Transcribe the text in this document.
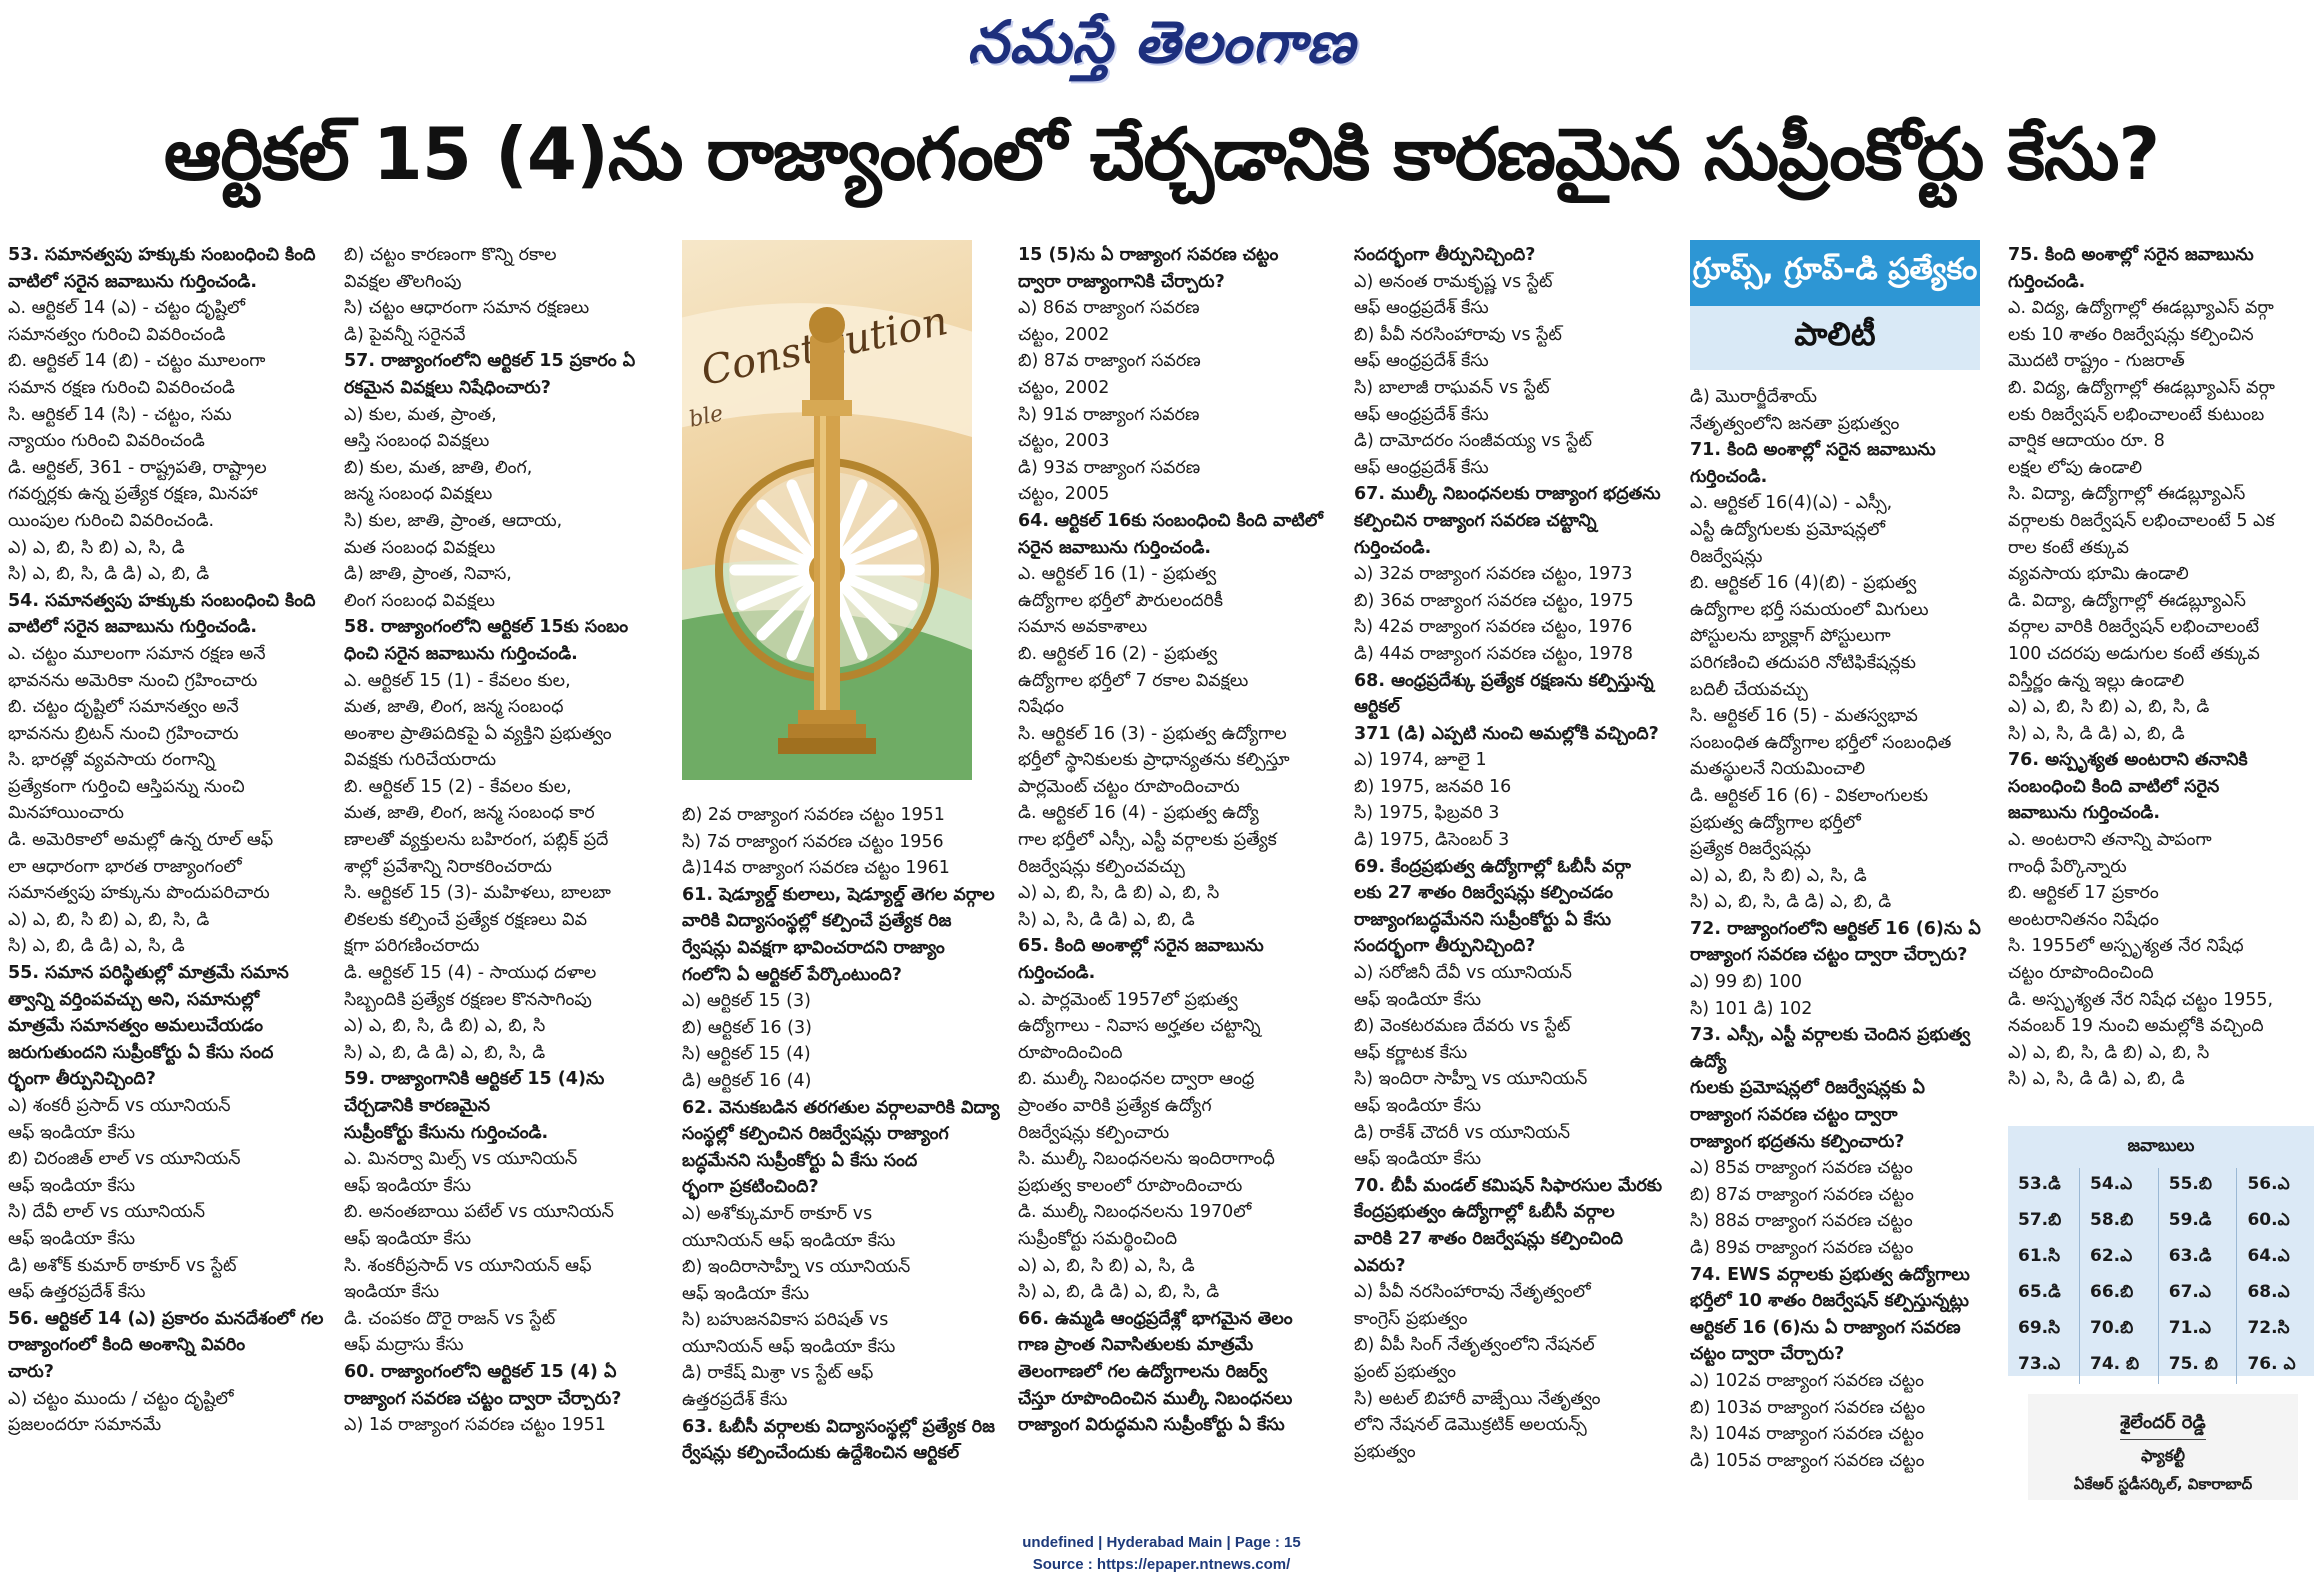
నమస్తే తెలంగాణ
ఆర్టికల్ 15 (4)ను రాజ్యాంగంలో చేర్చడానికి కారణమైన సుప్రీంకోర్టు కేసు?

53. సమానత్వపు హక్కుకు సంబంధించి కింది

వాటిలో సరైన జవాబును గుర్తించండి.

ఎ. ఆర్టికల్ 14 (ఎ) - చట్టం దృష్టిలో

సమానత్వం గురించి వివరించండి

బి. ఆర్టికల్ 14 (బి) - చట్టం మూలంగా

సమాన రక్షణ గురించి వివరించండి

సి. ఆర్టికల్ 14 (సి) - చట్టం, సమ

న్యాయం గురించి వివరించండి

డి. ఆర్టికల్, 361 - రాష్ట్రపతి, రాష్ట్రాల

గవర్నర్లకు ఉన్న ప్రత్యేక రక్షణ, మినహా

యింపుల గురించి వివరించండి.

ఎ) ఎ, బి, సి బి) ఎ, సి, డి

సి) ఎ, బి, సి, డి డి) ఎ, బి, డి

54. సమానత్వపు హక్కుకు సంబంధించి కింది

వాటిలో సరైన జవాబును గుర్తించండి.

ఎ. చట్టం మూలంగా సమాన రక్షణ అనే

భావనను అమెరికా నుంచి గ్రహించారు

బి. చట్టం దృష్టిలో సమానత్వం అనే

భావనను బ్రిటన్ నుంచి గ్రహించారు

సి. భారత్లో వ్యవసాయ రంగాన్ని

ప్రత్యేకంగా గుర్తించి ఆస్తిపన్ను నుంచి

మినహాయించారు

డి. అమెరికాలో అమల్లో ఉన్న రూల్ ఆఫ్

లా ఆధారంగా భారత రాజ్యాంగంలో

సమానత్వపు హక్కును పొందుపరిచారు

ఎ) ఎ, బి, సి బి) ఎ, బి, సి, డి

సి) ఎ, బి, డి డి) ఎ, సి, డి

55. సమాన పరిస్థితుల్లో మాత్రమే సమాన

త్వాన్ని వర్తింపవచ్చు అని, సమానుల్లో

మాత్రమే సమానత్వం అమలుచేయడం

జరుగుతుందని సుప్రీంకోర్టు ఏ కేసు సంద

ర్భంగా తీర్పునిచ్చింది?

ఎ) శంకరీ ప్రసాద్ vs యూనియన్

ఆఫ్ ఇండియా కేసు

బి) చిరంజిత్ లాల్ vs యూనియన్

ఆఫ్ ఇండియా కేసు

సి) దేవీ లాల్ vs యూనియన్

ఆఫ్ ఇండియా కేసు

డి) అశోక్ కుమార్ ఠాకూర్ vs స్టేట్

ఆఫ్ ఉత్తరప్రదేశ్ కేసు

56. ఆర్టికల్ 14 (ఎ) ప్రకారం మనదేశంలో గల

రాజ్యాంగంలో కింది అంశాన్ని వివరిం

చారు?

ఎ) చట్టం ముందు / చట్టం దృష్టిలో

ప్రజలందరూ సమానమే

బి) చట్టం కారణంగా కొన్ని రకాల

వివక్షల తొలగింపు

సి) చట్టం ఆధారంగా సమాన రక్షణలు

డి) పైవన్నీ సరైనవే

57. రాజ్యాంగంలోని ఆర్టికల్ 15 ప్రకారం ఏ

రకమైన వివక్షలు నిషేధించారు?

ఎ) కుల, మత, ప్రాంత,

ఆస్తి సంబంధ వివక్షలు

బి) కుల, మత, జాతి, లింగ,

జన్మ సంబంధ వివక్షలు

సి) కుల, జాతి, ప్రాంత, ఆదాయ,

మత సంబంధ వివక్షలు

డి) జాతి, ప్రాంత, నివాస,

లింగ సంబంధ వివక్షలు

58. రాజ్యాంగంలోని ఆర్టికల్ 15కు సంబం

ధించి సరైన జవాబును గుర్తించండి.

ఎ. ఆర్టికల్ 15 (1) - కేవలం కుల,

మత, జాతి, లింగ, జన్మ సంబంధ

అంశాల ప్రాతిపదికపై ఏ వ్యక్తిని ప్రభుత్వం

వివక్షకు గురిచేయరాదు

బి. ఆర్టికల్ 15 (2) - కేవలం కుల,

మత, జాతి, లింగ, జన్మ సంబంధ కార

ణాలతో వ్యక్తులను బహిరంగ, పబ్లిక్ ప్రదే

శాల్లో ప్రవేశాన్ని నిరాకరించరాదు

సి. ఆర్టికల్ 15 (3)- మహిళలు, బాలబా

లికలకు కల్పించే ప్రత్యేక రక్షణలు వివ

క్షగా పరిగణించరాదు

డి. ఆర్టికల్ 15 (4) - సాయుధ దళాల

సిబ్బందికి ప్రత్యేక రక్షణల కొనసాగింపు

ఎ) ఎ, బి, సి, డి బి) ఎ, బి, సి

సి) ఎ, బి, డి డి) ఎ, బి, సి, డి

59. రాజ్యాంగానికి ఆర్టికల్ 15 (4)ను

చేర్చడానికి కారణమైన

సుప్రీంకోర్టు కేసును గుర్తించండి.

ఎ. మినర్వా మిల్స్ vs యూనియన్

ఆఫ్ ఇండియా కేసు

బి. అనంతబాయి పటేల్ vs యూనియన్

ఆఫ్ ఇండియా కేసు

సి. శంకరీప్రసాద్ vs యూనియన్ ఆఫ్

ఇండియా కేసు

డి. చంపకం దొరై రాజన్ vs స్టేట్

ఆఫ్ మద్రాసు కేసు

60. రాజ్యాంగంలోని ఆర్టికల్ 15 (4) ఏ

రాజ్యాంగ సవరణ చట్టం ద్వారా చేర్చారు?

ఎ) 1వ రాజ్యాంగ సవరణ చట్టం 1951

బి) 2వ రాజ్యాంగ సవరణ చట్టం 1951

సి) 7వ రాజ్యాంగ సవరణ చట్టం 1956

డి)14వ రాజ్యాంగ సవరణ చట్టం 1961

61. షెడ్యూల్డ్ కులాలు, షెడ్యూల్డ్ తెగల వర్గాల

వారికి విద్యాసంస్థల్లో కల్పించే ప్రత్యేక రిజ

ర్వేషన్లు వివక్షగా భావించరాదని రాజ్యాం

గంలోని ఏ ఆర్టికల్ పేర్కొంటుంది?

ఎ) ఆర్టికల్ 15 (3)

బి) ఆర్టికల్ 16 (3)

సి) ఆర్టికల్ 15 (4)

డి) ఆర్టికల్ 16 (4)

62. వెనుకబడిన తరగతుల వర్గాలవారికి విద్యా

సంస్థల్లో కల్పించిన రిజర్వేషన్లు రాజ్యాంగ

బద్ధమేనని సుప్రీంకోర్టు ఏ కేసు సంద

ర్భంగా ప్రకటించింది?

ఎ) అశోక్కుమార్ ఠాకూర్ vs

యూనియన్ ఆఫ్ ఇండియా కేసు

బి) ఇందిరాసాహ్నీ vs యూనియన్

ఆఫ్ ఇండియా కేసు

సి) బహుజనవికాస పరిషత్ vs

యూనియన్ ఆఫ్ ఇండియా కేసు

డి) రాకేష్ మిశ్రా vs స్టేట్ ఆఫ్

ఉత్తరప్రదేశ్ కేసు

63. ఓబీసీ వర్గాలకు విద్యాసంస్థల్లో ప్రత్యేక రిజ

ర్వేషన్లు కల్పించేందుకు ఉద్దేశించిన ఆర్టికల్

15 (5)ను ఏ రాజ్యాంగ సవరణ చట్టం

ద్వారా రాజ్యాంగానికి చేర్చారు?

ఎ) 86వ రాజ్యాంగ సవరణ

చట్టం, 2002

బి) 87వ రాజ్యాంగ సవరణ

చట్టం, 2002

సి) 91వ రాజ్యాంగ సవరణ

చట్టం, 2003

డి) 93వ రాజ్యాంగ సవరణ

చట్టం, 2005

64. ఆర్టికల్ 16కు సంబంధించి కింది వాటిలో

సరైన జవాబును గుర్తించండి.

ఎ. ఆర్టికల్ 16 (1) - ప్రభుత్వ

ఉద్యోగాల భర్తీలో పౌరులందరికీ

సమాన అవకాశాలు

బి. ఆర్టికల్ 16 (2) - ప్రభుత్వ

ఉద్యోగాల భర్తీలో 7 రకాల వివక్షలు

నిషేధం

సి. ఆర్టికల్ 16 (3) - ప్రభుత్వ ఉద్యోగాల

భర్తీలో స్థానికులకు ప్రాధాన్యతను కల్పిస్తూ

పార్లమెంట్ చట్టం రూపొందించారు

డి. ఆర్టికల్ 16 (4) - ప్రభుత్వ ఉద్యో

గాల భర్తీలో ఎస్సీ, ఎస్టీ వర్గాలకు ప్రత్యేక

రిజర్వేషన్లు కల్పించవచ్చు

ఎ) ఎ, బి, సి, డి బి) ఎ, బి, సి

సి) ఎ, సి, డి డి) ఎ, బి, డి

65. కింది అంశాల్లో సరైన జవాబును

గుర్తించండి.

ఎ. పార్లమెంట్ 1957లో ప్రభుత్వ

ఉద్యోగాలు - నివాస అర్హతల చట్టాన్ని

రూపొందించింది

బి. ముల్కీ నిబంధనల ద్వారా ఆంధ్ర

ప్రాంతం వారికి ప్రత్యేక ఉద్యోగ

రిజర్వేషన్లు కల్పించారు

సి. ముల్కీ నిబంధనలను ఇందిరాగాంధీ

ప్రభుత్వ కాలంలో రూపొందించారు

డి. ముల్కీ నిబంధనలను 1970లో

సుప్రీంకోర్టు సమర్థించింది

ఎ) ఎ, బి, సి బి) ఎ, సి, డి

సి) ఎ, బి, డి డి) ఎ, బి, సి, డి

66. ఉమ్మడి ఆంధ్రప్రదేశ్లో భాగమైన తెలం

గాణ ప్రాంత నివాసితులకు మాత్రమే

తెలంగాణలో గల ఉద్యోగాలను రిజర్వ్

చేస్తూ రూపొందించిన ముల్కీ నిబంధనలు

రాజ్యాంగ విరుద్ధమని సుప్రీంకోర్టు ఏ కేసు

సందర్భంగా తీర్పునిచ్చింది?

ఎ) అనంత రామకృష్ణ vs స్టేట్

ఆఫ్ ఆంధ్రప్రదేశ్ కేసు

బి) పీవీ నరసింహారావు vs స్టేట్

ఆఫ్ ఆంధ్రప్రదేశ్ కేసు

సి) బాలాజీ రాఘవన్ vs స్టేట్

ఆఫ్ ఆంధ్రప్రదేశ్ కేసు

డి) దామోదరం సంజీవయ్య vs స్టేట్

ఆఫ్ ఆంధ్రప్రదేశ్ కేసు

67. ముల్కీ నిబంధనలకు రాజ్యాంగ భద్రతను

కల్పించిన రాజ్యాంగ సవరణ చట్టాన్ని

గుర్తించండి.

ఎ) 32వ రాజ్యాంగ సవరణ చట్టం, 1973

బి) 36వ రాజ్యాంగ సవరణ చట్టం, 1975

సి) 42వ రాజ్యాంగ సవరణ చట్టం, 1976

డి) 44వ రాజ్యాంగ సవరణ చట్టం, 1978

68. ఆంధ్రప్రదేశ్కు ప్రత్యేక రక్షణను కల్పిస్తున్న ఆర్టికల్

371 (డి) ఎప్పటి నుంచి అమల్లోకి వచ్చింది?

ఎ) 1974, జూలై 1

బి) 1975, జనవరి 16

సి) 1975, ఫిబ్రవరి 3

డి) 1975, డిసెంబర్ 3

69. కేంద్రప్రభుత్వ ఉద్యోగాల్లో ఓబీసీ వర్గా

లకు 27 శాతం రిజర్వేషన్లు కల్పించడం

రాజ్యాంగబద్ధమేనని సుప్రీంకోర్టు ఏ కేసు

సందర్భంగా తీర్పునిచ్చింది?

ఎ) సరోజినీ దేవీ vs యూనియన్

ఆఫ్ ఇండియా కేసు

బి) వెంకటరమణ దేవరు vs స్టేట్

ఆఫ్ కర్ణాటక కేసు

సి) ఇందిరా సాహ్నీ vs యూనియన్

ఆఫ్ ఇండియా కేసు

డి) రాకేశ్ చౌదరీ vs యూనియన్

ఆఫ్ ఇండియా కేసు

70. బీపీ మండల్ కమిషన్ సిఫారసుల మేరకు

కేంద్రప్రభుత్వం ఉద్యోగాల్లో ఓబీసీ వర్గాల

వారికి 27 శాతం రిజర్వేషన్లు కల్పించింది

ఎవరు?

ఎ) పీవీ నరసింహారావు నేతృత్వంలో

కాంగ్రెస్ ప్రభుత్వం

బి) వీపీ సింగ్ నేతృత్వంలోని నేషనల్

ఫ్రంట్ ప్రభుత్వం

సి) అటల్ బిహారీ వాజ్పేయి నేతృత్వం

లోని నేషనల్ డెమొక్రటిక్ అలయన్స్

ప్రభుత్వం

డి) మొరార్జీదేశాయ్

నేతృత్వంలోని జనతా ప్రభుత్వం

71. కింది అంశాల్లో సరైన జవాబును

గుర్తించండి.

ఎ. ఆర్టికల్ 16(4)(ఎ) - ఎస్సీ,

ఎస్టీ ఉద్యోగులకు ప్రమోషన్లలో

రిజర్వేషన్లు

బి. ఆర్టికల్ 16 (4)(బి) - ప్రభుత్వ

ఉద్యోగాల భర్తీ సమయంలో మిగులు

పోస్టులను బ్యాక్లాగ్ పోస్టులుగా

పరిగణించి తదుపరి నోటిఫికేషన్లకు

బదిలీ చేయవచ్చు

సి. ఆర్టికల్ 16 (5) - మతస్వభావ

సంబంధిత ఉద్యోగాల భర్తీలో సంబంధిత

మతస్థులనే నియమించాలి

డి. ఆర్టికల్ 16 (6) - వికలాంగులకు

ప్రభుత్వ ఉద్యోగాల భర్తీలో

ప్రత్యేక రిజర్వేషన్లు

ఎ) ఎ, బి, సి బి) ఎ, సి, డి

సి) ఎ, బి, సి, డి డి) ఎ, బి, డి

72. రాజ్యాంగంలోని ఆర్టికల్ 16 (6)ను ఏ

రాజ్యాంగ సవరణ చట్టం ద్వారా చేర్చారు?

ఎ) 99 బి) 100

సి) 101 డి) 102

73. ఎస్సీ, ఎస్టీ వర్గాలకు చెందిన ప్రభుత్వ ఉద్యో

గులకు ప్రమోషన్లలో రిజర్వేషన్లకు ఏ

రాజ్యాంగ సవరణ చట్టం ద్వారా

రాజ్యాంగ భద్రతను కల్పించారు?

ఎ) 85వ రాజ్యాంగ సవరణ చట్టం

బి) 87వ రాజ్యాంగ సవరణ చట్టం

సి) 88వ రాజ్యాంగ సవరణ చట్టం

డి) 89వ రాజ్యాంగ సవరణ చట్టం

74. EWS వర్గాలకు ప్రభుత్వ ఉద్యోగాలు

భర్తీలో 10 శాతం రిజర్వేషన్ కల్పిస్తున్నట్లు

ఆర్టికల్ 16 (6)ను ఏ రాజ్యాంగ సవరణ

చట్టం ద్వారా చేర్చారు?

ఎ) 102వ రాజ్యాంగ సవరణ చట్టం

బి) 103వ రాజ్యాంగ సవరణ చట్టం

సి) 104వ రాజ్యాంగ సవరణ చట్టం

డి) 105వ రాజ్యాంగ సవరణ చట్టం

75. కింది అంశాల్లో సరైన జవాబును గుర్తించండి.

ఎ. విద్య, ఉద్యోగాల్లో ఈడబ్ల్యూఎస్ వర్గా

లకు 10 శాతం రిజర్వేషన్లు కల్పించిన

మొదటి రాష్ట్రం - గుజరాత్

బి. విద్య, ఉద్యోగాల్లో ఈడబ్ల్యూఎస్ వర్గా

లకు రిజర్వేషన్ లభించాలంటే కుటుంబ

వార్షిక ఆదాయం రూ. 8

లక్షల లోపు ఉండాలి

సి. విద్యా, ఉద్యోగాల్లో ఈడబ్ల్యూఎస్

వర్గాలకు రిజర్వేషన్ లభించాలంటే 5 ఎక

రాల కంటే తక్కువ

వ్యవసాయ భూమి ఉండాలి

డి. విద్యా, ఉద్యోగాల్లో ఈడబ్ల్యూఎస్

వర్గాల వారికి రిజర్వేషన్ లభించాలంటే

100 చదరపు అడుగుల కంటే తక్కువ

విస్తీర్ణం ఉన్న ఇల్లు ఉండాలి

ఎ) ఎ, బి, సి బి) ఎ, బి, సి, డి

సి) ఎ, సి, డి డి) ఎ, బి, డి

76. అస్పృశ్యత అంటరాని తనానికి

సంబంధించి కింది వాటిలో సరైన

జవాబును గుర్తించండి.

ఎ. అంటరాని తనాన్ని పాపంగా

గాంధీ పేర్కొన్నారు

బి. ఆర్టికల్ 17 ప్రకారం

అంటరానితనం నిషేధం

సి. 1955లో అస్పృశ్యత నేర నిషేధ

చట్టం రూపొందించింది

డి. అస్పృశ్యత నేర నిషేధ చట్టం 1955,

నవంబర్ 19 నుంచి అమల్లోకి వచ్చింది

ఎ) ఎ, బి, సి, డి బి) ఎ, బి, సి

సి) ఎ, సి, డి డి) ఎ, బి, డి

ble
గ్రూప్స్, గ్రూప్-డి ప్రత్యేకం
పాలిటీ
జవాబులు
53.డి	54.ఎ	55.బి	56.ఎ
57.బి	58.బి	59.డి	60.ఎ
61.సి	62.ఎ	63.డి	64.ఎ
65.డి	66.బి	67.ఎ	68.ఎ
69.సి	70.బి	71.ఎ	72.సి
73.ఎ	74. బి	75. బి	76. ఎ
శైలేందర్ రెడ్డి
ఫ్యాకల్టీ
ఏకేఆర్ స్టడీసర్కిల్, వికారాబాద్
undefined | Hyderabad Main | Page : 15
Source : https://epaper.ntnews.com/
